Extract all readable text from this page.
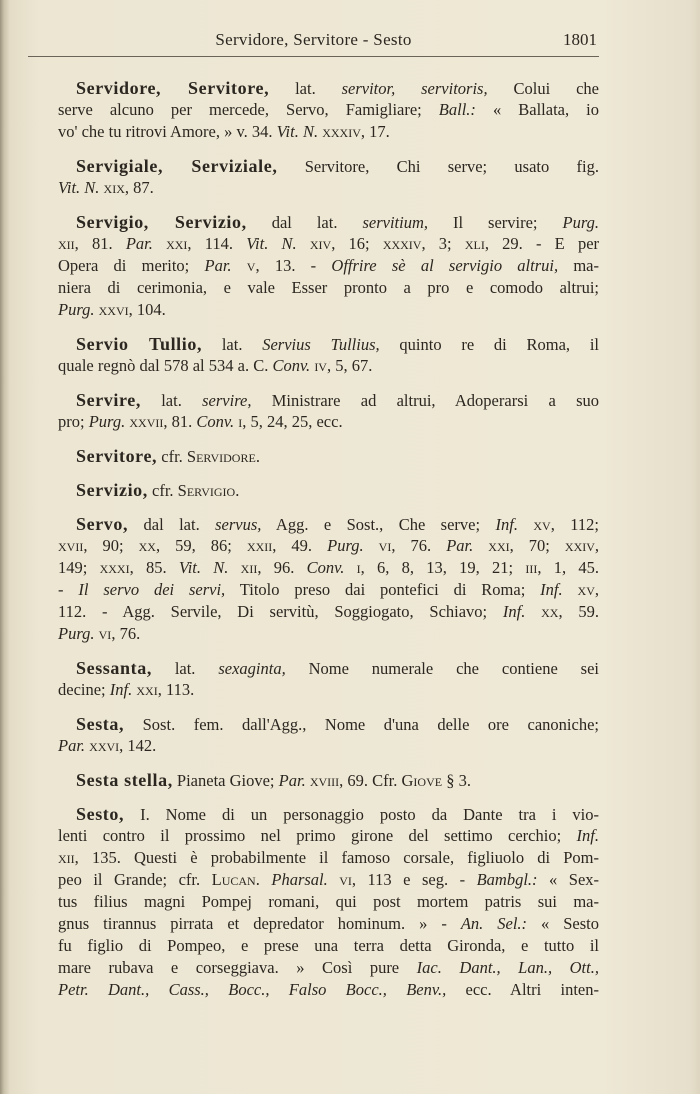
Servidore, Servitore - Sesto	1801
Servidore, Servitore, lat. servitor, servitoris, Colui che
serve alcuno per mercede, Servo, Famigliare; Ball.: « Ballata, io
vo' che tu ritrovi Amore, » v. 34. Vit. N. xxxiv, 17.
Servigiale, Serviziale, Servitore, Chi serve; usato fig.
Vit. N. xix, 87.
Servigio, Servizio, dal lat. servitium, Il servire; Purg.
xii, 81. Par. xxi, 114. Vit. N. xiv, 16; xxxiv, 3; xli, 29. - E per
Opera di merito; Par. v, 13. - Offrire sè al servigio altrui, ma-
niera di cerimonia, e vale Esser pronto a pro e comodo altrui;
Purg. xxvi, 104.
Servio Tullio, lat. Servius Tullius, quinto re di Roma, il
quale regnò dal 578 al 534 a. C. Conv. iv, 5, 67.
Servire, lat. servire, Ministrare ad altrui, Adoperarsi a suo
pro; Purg. xxvii, 81. Conv. i, 5, 24, 25, ecc.
Servitore, cfr. Servidore.
Servizio, cfr. Servigio.
Servo, dal lat. servus, Agg. e Sost., Che serve; Inf. xv, 112;
xvii, 90; xx, 59, 86; xxii, 49. Purg. vi, 76. Par. xxi, 70; xxiv,
149; xxxi, 85. Vit. N. xii, 96. Conv. i, 6, 8, 13, 19, 21; iii, 1, 45.
- Il servo dei servi, Titolo preso dai pontefici di Roma; Inf. xv,
112. - Agg. Servile, Di servitù, Soggiogato, Schiavo; Inf. xx, 59.
Purg. vi, 76.
Sessanta, lat. sexaginta, Nome numerale che contiene sei
decine; Inf. xxi, 113.
Sesta, Sost. fem. dall'Agg., Nome d'una delle ore canoniche;
Par. xxvi, 142.
Sesta stella, Pianeta Giove; Par. xviii, 69. Cfr. Giove § 3.
Sesto, I. Nome di un personaggio posto da Dante tra i vio-
lenti contro il prossimo nel primo girone del settimo cerchio; Inf.
xii, 135. Questi è probabilmente il famoso corsale, figliuolo di Pom-
peo il Grande; cfr. Lucan. Pharsal. vi, 113 e seg. - Bambgl.: « Sex-
tus filius magni Pompej romani, qui post mortem patris sui ma-
gnus tirannus pirrata et depredator hominum. » - An. Sel.: « Sesto
fu figlio di Pompeo, e prese una terra detta Gironda, e tutto il
mare rubava e corseggiava. » Così pure Iac. Dant., Lan., Ott.,
Petr. Dant., Cass., Bocc., Falso Bocc., Benv., ecc. Altri inten-
